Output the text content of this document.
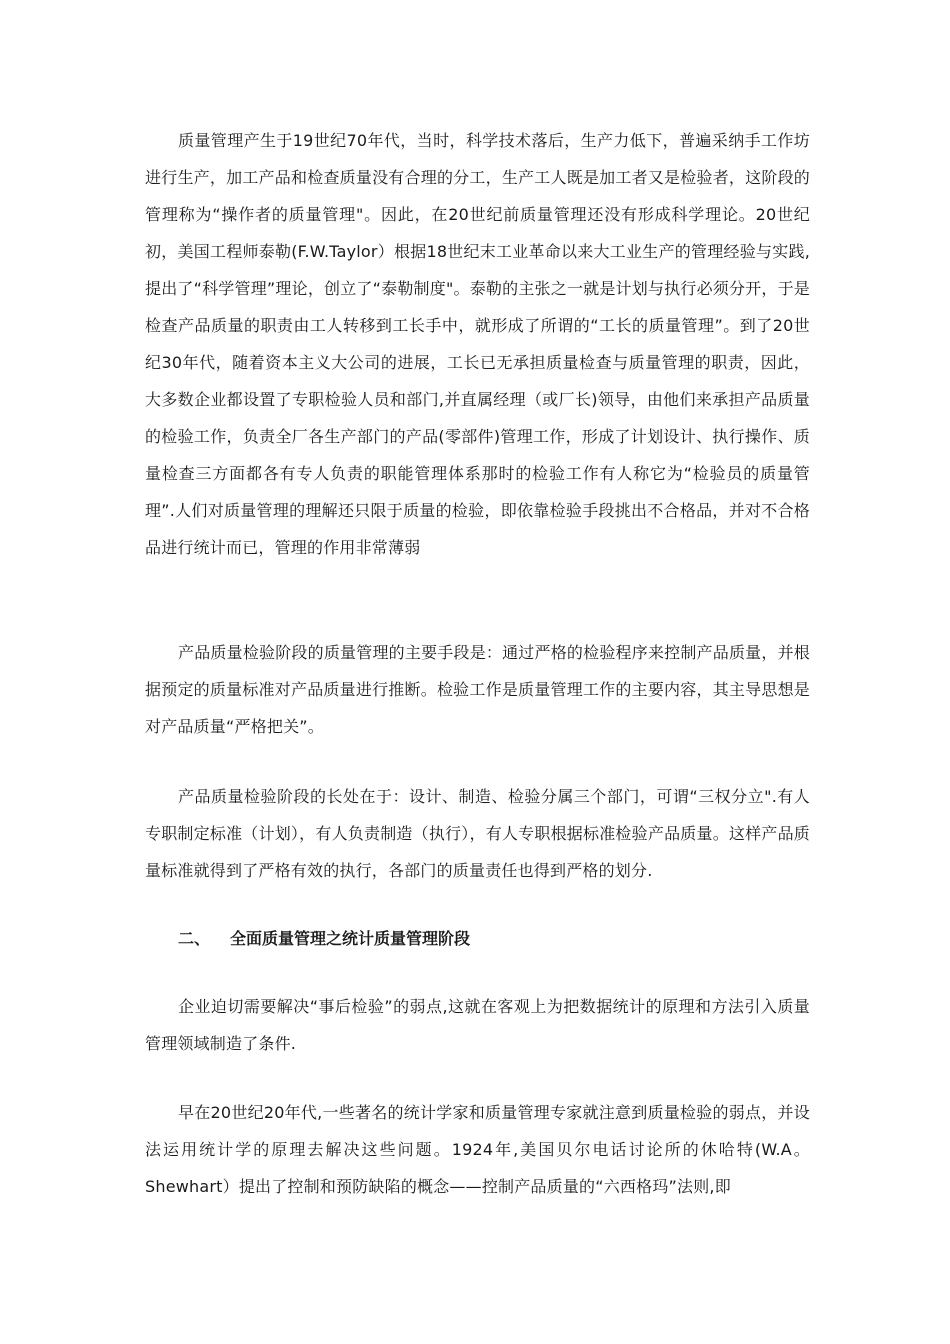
质量管理产生于19世纪70年代，当时，科学技术落后，生产力低下，普遍采纳手工作坊进行生产，加工产品和检查质量没有合理的分工，生产工人既是加工者又是检验者，这阶段的管理称为“操作者的质量管理"。因此，在20世纪前质量管理还没有形成科学理论。20世纪初，美国工程师泰勒(F.W.Taylor）根据18世纪末工业革命以来大工业生产的管理经验与实践,提出了“科学管理”理论，创立了“泰勒制度"。泰勒的主张之一就是计划与执行必须分开，于是检查产品质量的职责由工人转移到工长手中，就形成了所谓的“工长的质量管理”。到了20世纪30年代，随着资本主义大公司的进展，工长已无承担质量检查与质量管理的职责，因此，大多数企业都设置了专职检验人员和部门,并直属经理（或厂长)领导，由他们来承担产品质量的检验工作，负责全厂各生产部门的产品(零部件)管理工作，形成了计划设计、执行操作、质量检查三方面都各有专人负责的职能管理体系那时的检验工作有人称它为“检验员的质量管理”.人们对质量管理的理解还只限于质量的检验，即依靠检验手段挑出不合格品，并对不合格品进行统计而已，管理的作用非常薄弱

产品质量检验阶段的质量管理的主要手段是：通过严格的检验程序来控制产品质量，并根据预定的质量标准对产品质量进行推断。检验工作是质量管理工作的主要内容，其主导思想是对产品质量“严格把关”。

产品质量检验阶段的长处在于：设计、制造、检验分属三个部门，可谓“三权分立".有人专职制定标准（计划），有人负责制造（执行），有人专职根据标准检验产品质量。这样产品质量标准就得到了严格有效的执行，各部门的质量责任也得到严格的划分.

二、 全面质量管理之统计质量管理阶段

企业迫切需要解决“事后检验”的弱点,这就在客观上为把数据统计的原理和方法引入质量管理领域制造了条件.

早在20世纪20年代,一些著名的统计学家和质量管理专家就注意到质量检验的弱点，并设法运用统计学的原理去解决这些问题。1924年,美国贝尔电话讨论所的休哈特(W.A。Shewhart）提出了控制和预防缺陷的概念——控制产品质量的“六西格玛”法则,即
